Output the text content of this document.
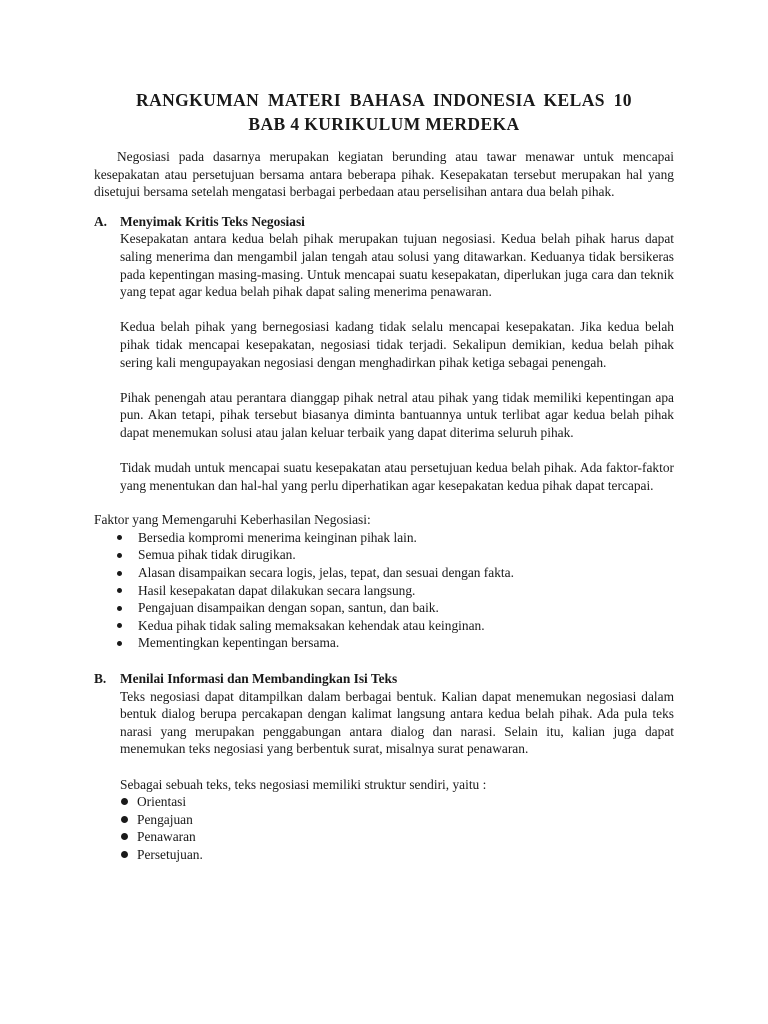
RANGKUMAN MATERI BAHASA INDONESIA KELAS 10
BAB 4 KURIKULUM MERDEKA

Negosiasi pada dasarnya merupakan kegiatan berunding atau tawar menawar untuk mencapai kesepakatan atau persetujuan bersama antara beberapa pihak. Kesepakatan tersebut merupakan hal yang disetujui bersama setelah mengatasi berbagai perbedaan atau perselisihan antara dua belah pihak.

A. Menyimak Kritis Teks Negosiasi

Kesepakatan antara kedua belah pihak merupakan tujuan negosiasi. Kedua belah pihak harus dapat saling menerima dan mengambil jalan tengah atau solusi yang ditawarkan. Keduanya tidak bersikeras pada kepentingan masing-masing. Untuk mencapai suatu kesepakatan, diperlukan juga cara dan teknik yang tepat agar kedua belah pihak dapat saling menerima penawaran.

Kedua belah pihak yang bernegosiasi kadang tidak selalu mencapai kesepakatan. Jika kedua belah pihak tidak mencapai kesepakatan, negosiasi tidak terjadi. Sekalipun demikian, kedua belah pihak sering kali mengupayakan negosiasi dengan menghadirkan pihak ketiga sebagai penengah.

Pihak penengah atau perantara dianggap pihak netral atau pihak yang tidak memiliki kepentingan apa pun. Akan tetapi, pihak tersebut biasanya diminta bantuannya untuk terlibat agar kedua belah pihak dapat menemukan solusi atau jalan keluar terbaik yang dapat diterima seluruh pihak.

Tidak mudah untuk mencapai suatu kesepakatan atau persetujuan kedua belah pihak. Ada faktor-faktor yang menentukan dan hal-hal yang perlu diperhatikan agar kesepakatan kedua pihak dapat tercapai.

Faktor yang Memengaruhi Keberhasilan Negosiasi:

Bersedia kompromi menerima keinginan pihak lain.
Semua pihak tidak dirugikan.
Alasan disampaikan secara logis, jelas, tepat, dan sesuai dengan fakta.
Hasil kesepakatan dapat dilakukan secara langsung.
Pengajuan disampaikan dengan sopan, santun, dan baik.
Kedua pihak tidak saling memaksakan kehendak atau keinginan.
Mementingkan kepentingan bersama.
B. Menilai Informasi dan Membandingkan Isi Teks

Teks negosiasi dapat ditampilkan dalam berbagai bentuk. Kalian dapat menemukan negosiasi dalam bentuk dialog berupa percakapan dengan kalimat langsung antara kedua belah pihak. Ada pula teks narasi yang merupakan penggabungan antara dialog dan narasi. Selain itu, kalian juga dapat menemukan teks negosiasi yang berbentuk surat, misalnya surat penawaran.

Sebagai sebuah teks, teks negosiasi memiliki struktur sendiri, yaitu :

Orientasi
Pengajuan
Penawaran
Persetujuan.
